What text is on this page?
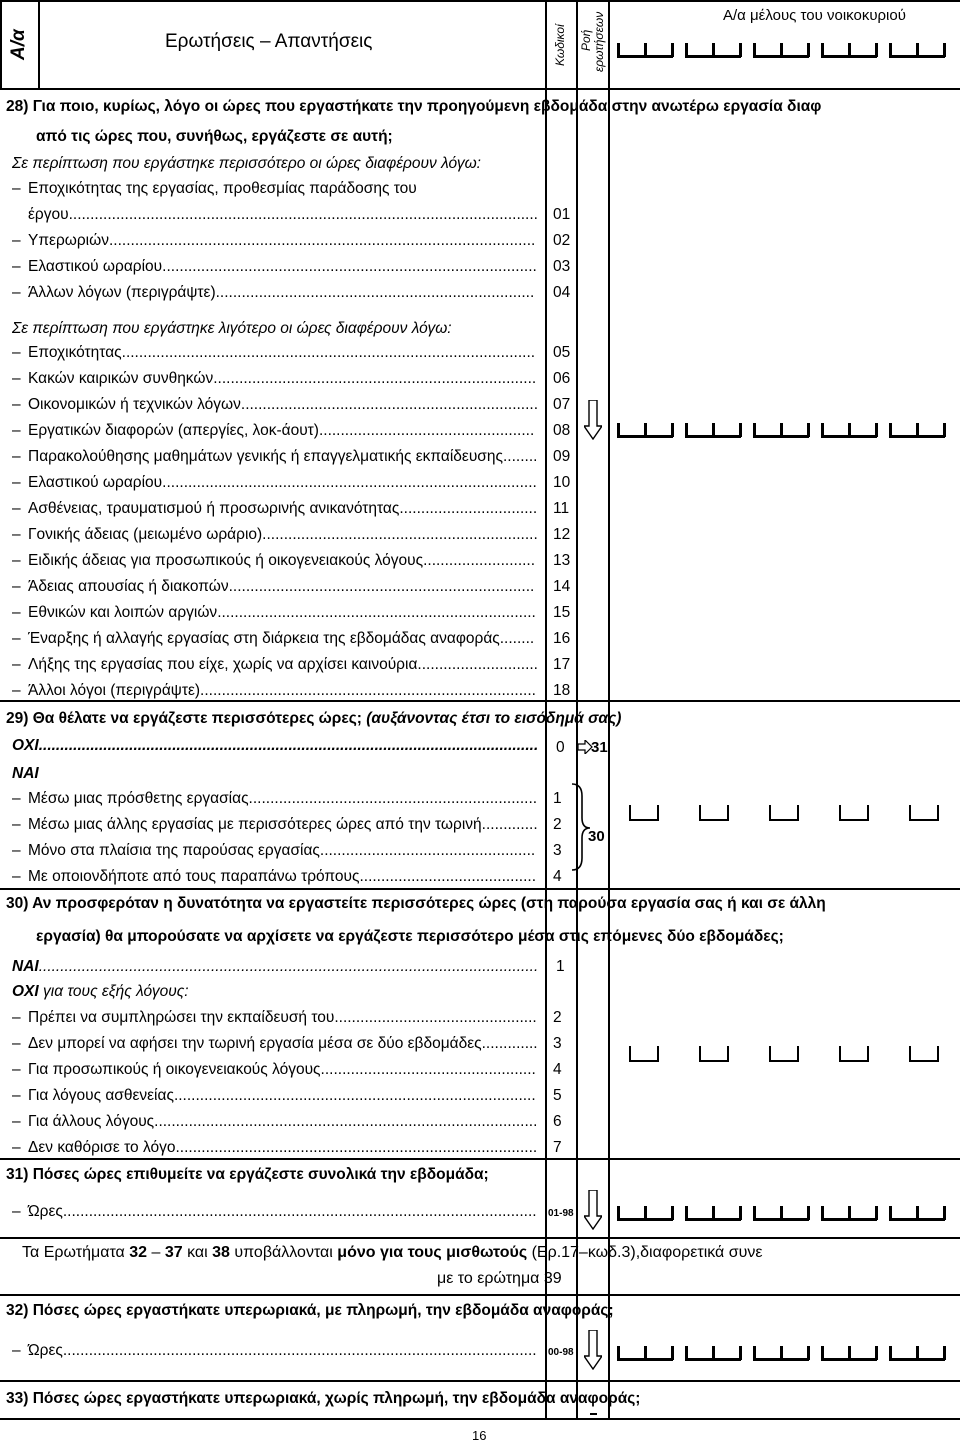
Α/α	Ερωτήσεις – Απαντήσεις	Κωδικοί Ροή ερωτήσεων	Α/α μέλους του νοικοκυριού
28) Για ποιο, κυρίως, λόγο οι ώρες που εργαστήκατε την προηγούμενη εβδομάδα στην ανωτέρω εργασία διαφ
από τις ώρες που, συνήθως, εργάζεστε σε αυτή;
Σε περίπτωση που εργάστηκε περισσότερο οι ώρες διαφέρουν λόγω:
– Εποχικότητας της εργασίας, προθεσμίας παράδοσης του
έργου............................................................................................................. 01
– Υπερωριών................................................................................................... 02
– Ελαστικού ωραρίου....................................................................................... 03
– Άλλων λόγων (περιγράψτε).......................................................................... 04
Σε περίπτωση που εργάστηκε λιγότερο οι ώρες διαφέρουν λόγω:
– Εποχικότητας................................................................................................ 05
– Κακών καιρικών συνθηκών........................................................................... 06
– Οικονομικών ή τεχνικών λόγων..................................................................... 07
– Εργατικών διαφορών (απεργίες, λοκ-άουτ).................................................. 08
– Παρακολούθησης μαθημάτων γενικής ή επαγγελματικής εκπαίδευσης........ 09
– Ελαστικού ωραρίου....................................................................................... 10
– Ασθένειας, τραυματισμού ή προσωρινής ανικανότητας................................ 11
– Γονικής άδειας (μειωμένο ωράριο)................................................................ 12
– Ειδικής άδειας για προσωπικούς ή οικογενειακούς λόγους.......................... 13
– Άδειας απουσίας ή διακοπών....................................................................... 14
– Εθνικών και λοιπών αργιών.......................................................................... 15
– Έναρξης ή αλλαγής εργασίας στη διάρκεια της εβδομάδας αναφοράς........ 16
– Λήξης της εργασίας που είχε, χωρίς να αρχίσει καινούρια............................ 17
– Άλλοι λόγοι (περιγράψτε).............................................................................. 18
29) Θα θέλατε να εργάζεστε περισσότερες ώρες; (αυξάνοντας έτσι το εισόδημά σας)
ΟΧΙ.................................................................................................................... 0 31
ΝΑΙ
– Μέσω μιας πρόσθετης εργασίας................................................................... 1
– Μέσω μιας άλλης εργασίας με περισσότερες ώρες από την τωρινή............. 2
– Μόνο στα πλαίσια της παρούσας εργασίας.................................................. 3
– Με οποιονδήποτε από τους παραπάνω τρόπους......................................... 4
30
30) Αν προσφερόταν η δυνατότητα να εργαστείτε περισσότερες ώρες (στη παρούσα εργασία σας ή και σε άλλη
εργασία) θα μπορούσατε να αρχίσετε να εργάζεστε περισσότερο μέσα στις επόμενες δύο εβδομάδες;
ΝΑΙ.................................................................................................................... 1
ΟΧΙ για τους εξής λόγους:
– Πρέπει να συμπληρώσει την εκπαίδευσή του............................................... 2
– Δεν μπορεί να αφήσει την τωρινή εργασία μέσα σε δύο εβδομάδες............. 3
– Για προσωπικούς ή οικογενειακούς λόγους.................................................. 4
– Για λόγους ασθενείας.................................................................................... 5
– Για άλλους λόγους......................................................................................... 6
– Δεν καθόρισε το λόγο.................................................................................... 7
31) Πόσες ώρες επιθυμείτε να εργάζεστε συνολικά την εβδομάδα;
– Ώρες.............................................................................................................. 01-98
Τα Ερωτήματα 32 – 37 και 38 υποβάλλονται μόνο για τους μισθωτούς (Ερ.17–κωδ.3),διαφορετικά συνε
με το ερώτημα 39
32) Πόσες ώρες εργαστήκατε υπερωριακά, με πληρωμή, την εβδομάδα αναφοράς;
– Ώρες.............................................................................................................. 00-98
33) Πόσες ώρες εργαστήκατε υπερωριακά, χωρίς πληρωμή, την εβδομάδα αναφοράς;
16
